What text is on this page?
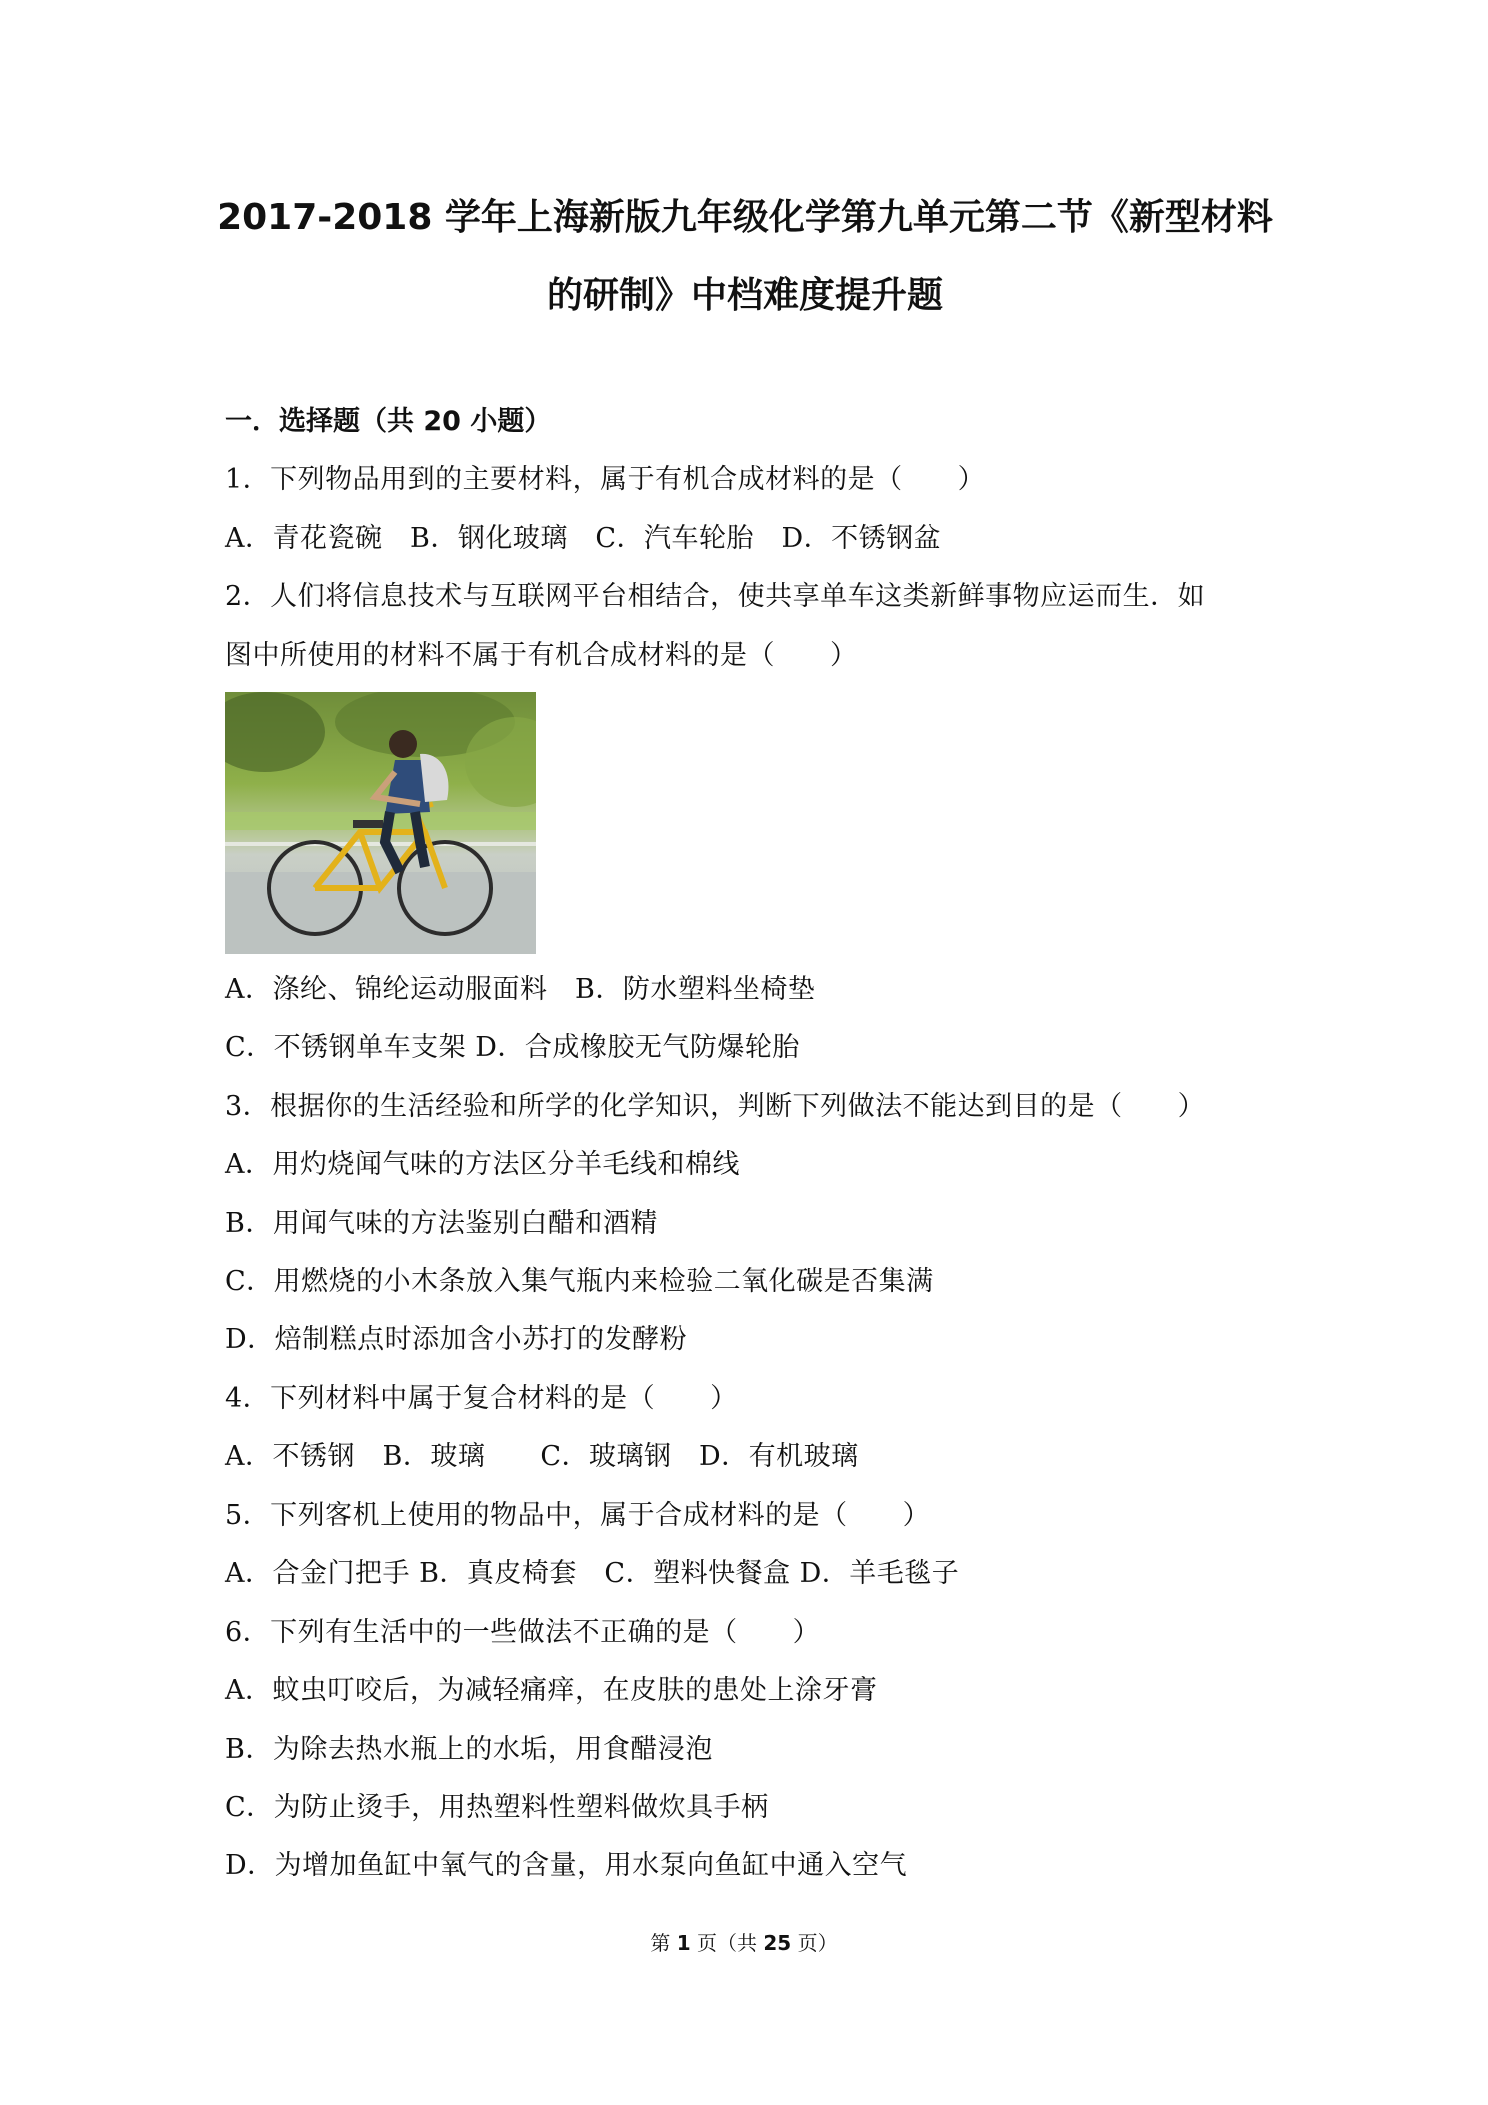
2017-2018 学年上海新版九年级化学第九单元第二节《新型材料
的研制》中档难度提升题
一．选择题（共 20 小题）
1．下列物品用到的主要材料，属于有机合成材料的是（　　）
A．青花瓷碗　B．钢化玻璃　C．汽车轮胎　D．不锈钢盆
2．人们将信息技术与互联网平台相结合，使共享单车这类新鲜事物应运而生．如
图中所使用的材料不属于有机合成材料的是（　　）
A．涤纶、锦纶运动服面料　B．防水塑料坐椅垫
C．不锈钢单车支架 D．合成橡胶无气防爆轮胎
3．根据你的生活经验和所学的化学知识，判断下列做法不能达到目的是（　　）
A．用灼烧闻气味的方法区分羊毛线和棉线
B．用闻气味的方法鉴别白醋和酒精
C．用燃烧的小木条放入集气瓶内来检验二氧化碳是否集满
D．焙制糕点时添加含小苏打的发酵粉
4．下列材料中属于复合材料的是（　　）
A．不锈钢　B．玻璃　　C．玻璃钢　D．有机玻璃
5．下列客机上使用的物品中，属于合成材料的是（　　）
A．合金门把手 B．真皮椅套　C．塑料快餐盒 D．羊毛毯子
6．下列有生活中的一些做法不正确的是（　　）
A．蚊虫叮咬后，为减轻痛痒，在皮肤的患处上涂牙膏
B．为除去热水瓶上的水垢，用食醋浸泡
C．为防止烫手，用热塑料性塑料做炊具手柄
D．为增加鱼缸中氧气的含量，用水泵向鱼缸中通入空气
第 1 页（共 25 页）
